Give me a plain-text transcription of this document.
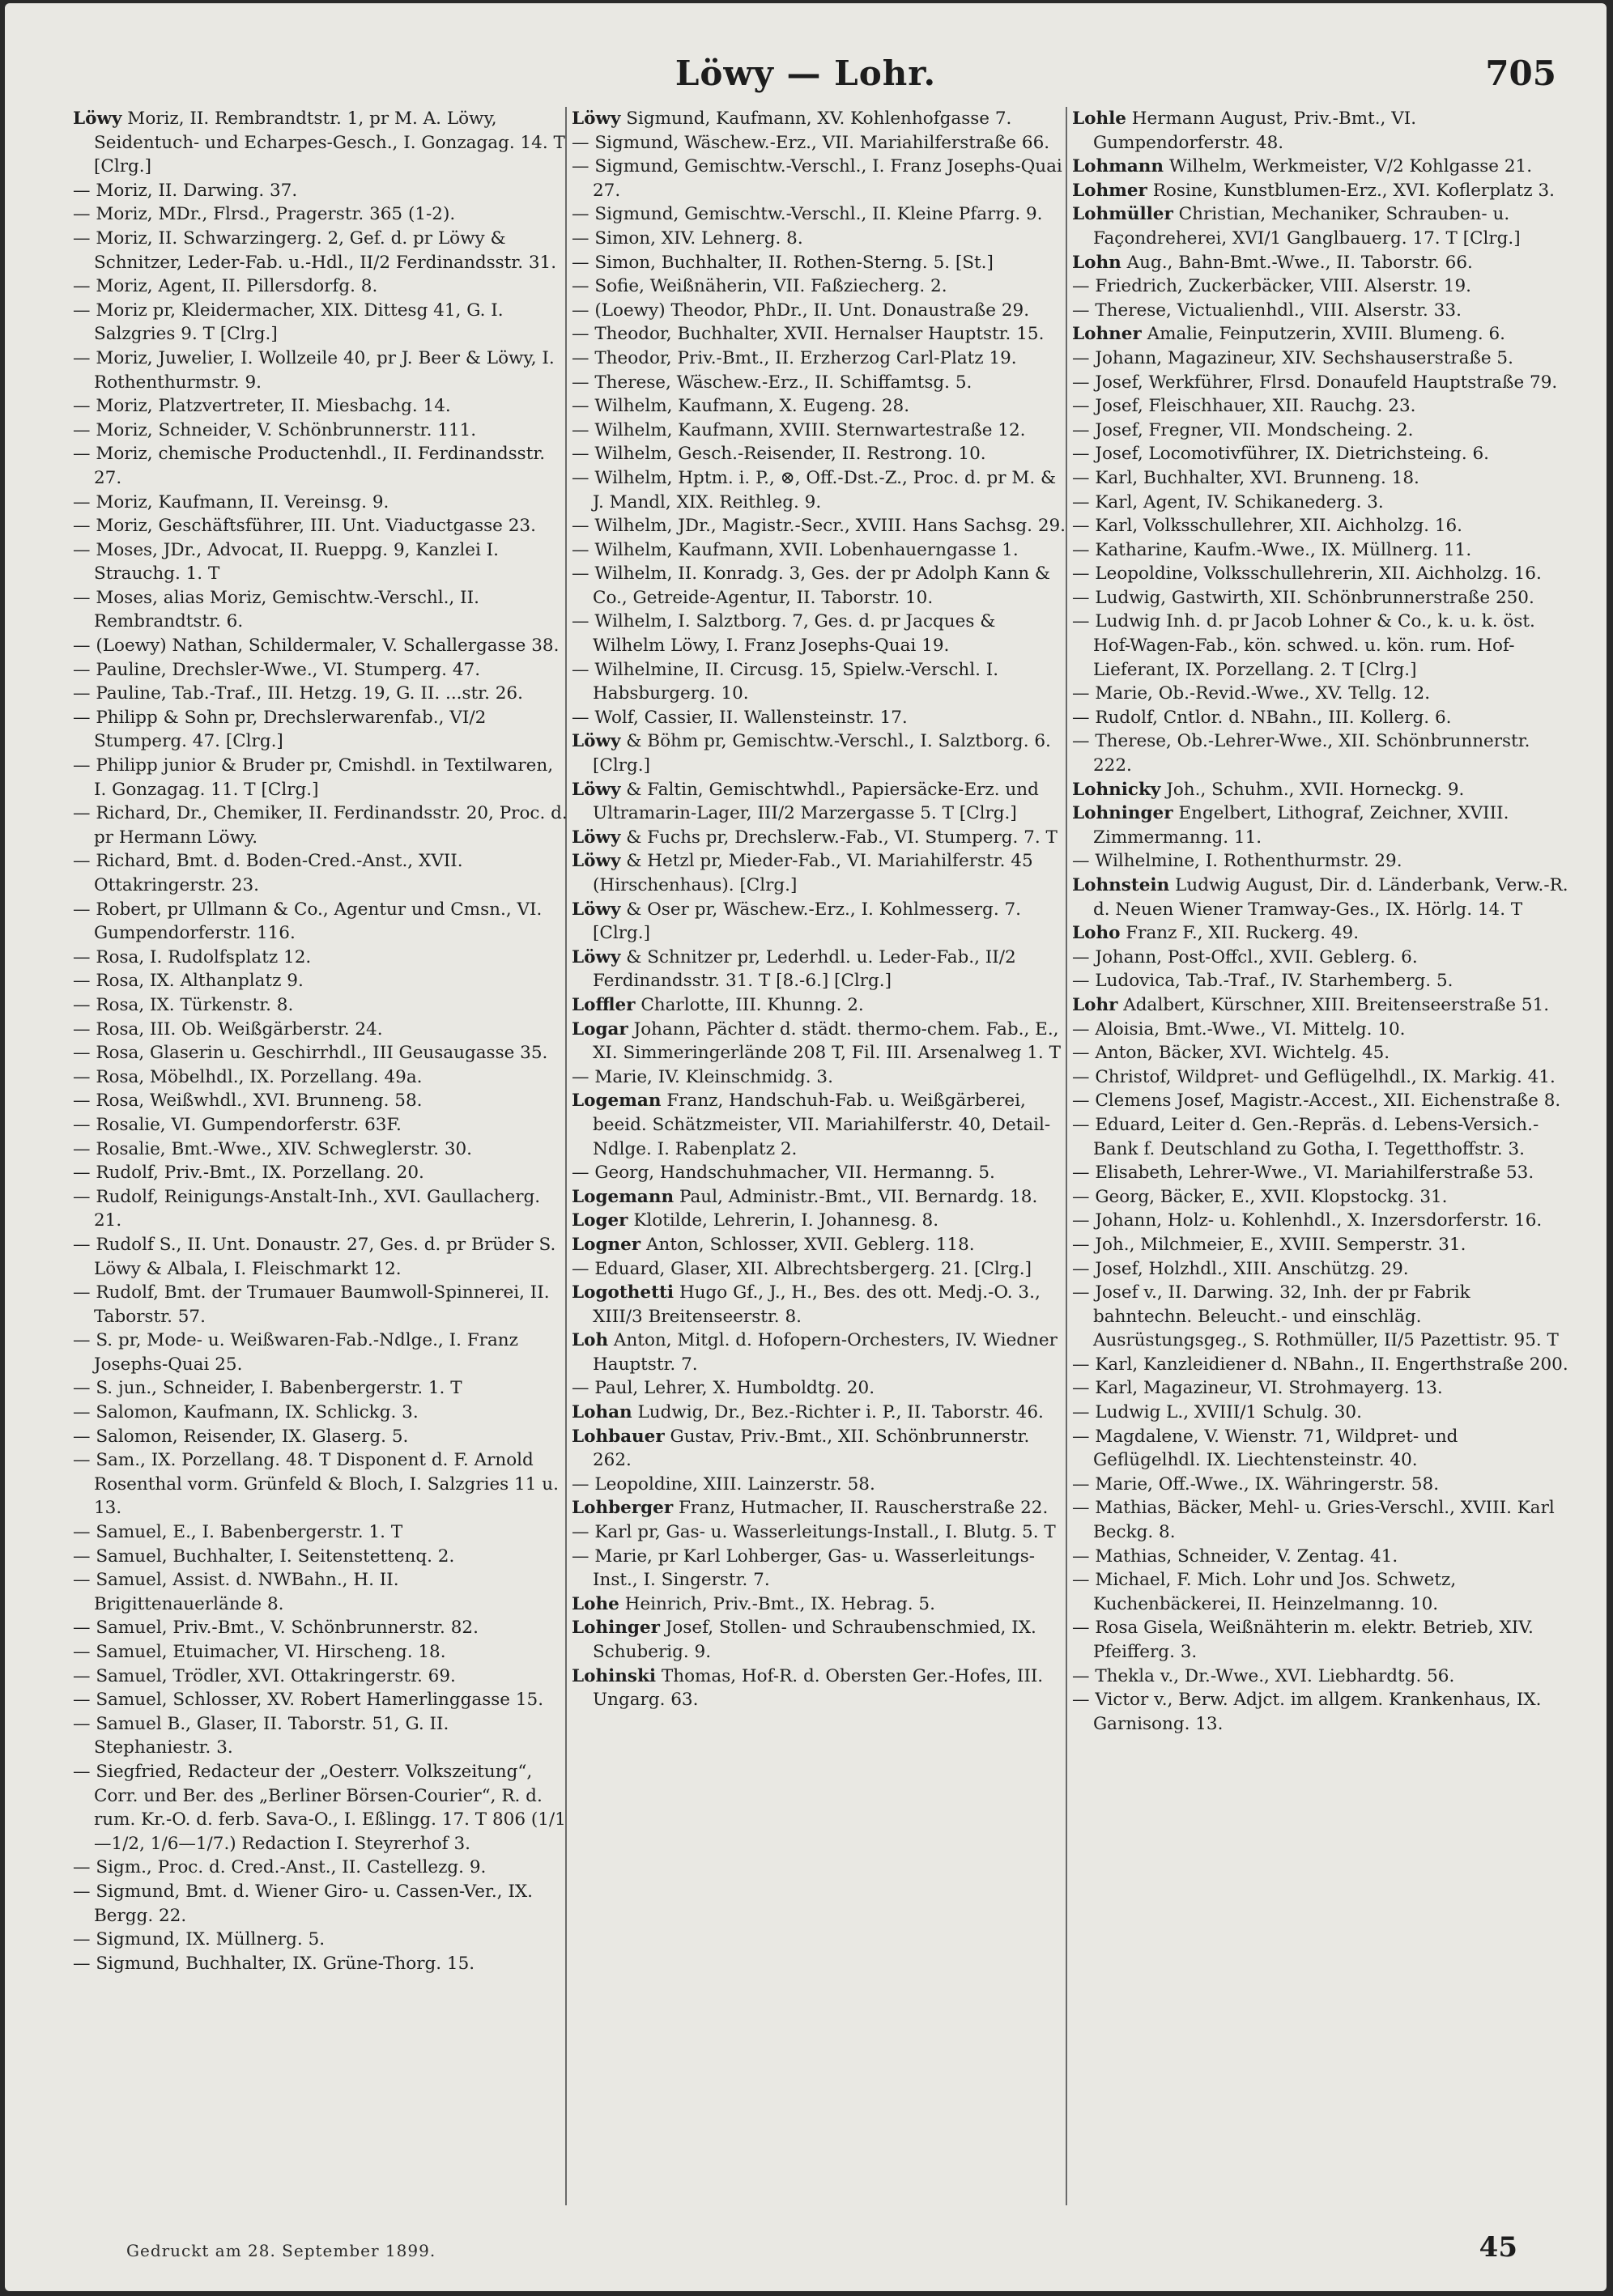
Löwy — Lohr.	705
Löwy Moriz, II. Rembrandtstr. 1, pr M. A. Löwy, Seidentuch- und Echarpes-Gesch., I. Gonzagag. 14. T [Clrg.]
— Moriz, II. Darwing. 37.
— Moriz, MDr., Flrsd., Pragerstr. 365 (1-2).
— Moriz, II. Schwarzingerg. 2, Gef. d. pr Löwy & Schnitzer, Leder-Fab. u.-Hdl., II/2 Ferdinandsstr. 31.
— Moriz, Agent, II. Pillersdorfg. 8.
— Moriz pr, Kleidermacher, XIX. Dittesg 41, G. I. Salzgries 9. T [Clrg.]
— Moriz, Juwelier, I. Wollzeile 40, pr J. Beer & Löwy, I. Rothenthurmstr. 9.
— Moriz, Platzvertreter, II. Miesbachg. 14.
— Moriz, Schneider, V. Schönbrunnerstr. 111.
— Moriz, chemische Productenhdl., II. Ferdinandsstr. 27.
— Moriz, Kaufmann, II. Vereinsg. 9.
— Moriz, Geschäftsführer, III. Unt. Viaductgasse 23.
— Moses, JDr., Advocat, II. Rueppg. 9, Kanzlei I. Strauchg. 1. T
— Moses, alias Moriz, Gemischtw.-Verschl., II. Rembrandtstr. 6.
— (Loewy) Nathan, Schildermaler, V. Schallergasse 38.
— Pauline, Drechsler-Wwe., VI. Stumperg. 47.
— Pauline, Tab.-Traf., III. Hetzg. 19, G. II. ...str. 26.
— Philipp & Sohn pr, Drechslerwarenfab., VI/2 Stumperg. 47. [Clrg.]
— Philipp junior & Bruder pr, Cmishdl. in Textilwaren, I. Gonzagag. 11. T [Clrg.]
— Richard, Dr., Chemiker, II. Ferdinandsstr. 20, Proc. d. pr Hermann Löwy.
— Richard, Bmt. d. Boden-Cred.-Anst., XVII. Ottakringerstr. 23.
— Robert, pr Ullmann & Co., Agentur und Cmsn., VI. Gumpendorferstr. 116.
— Rosa, I. Rudolfsplatz 12.
— Rosa, IX. Althanplatz 9.
— Rosa, IX. Türkenstr. 8.
— Rosa, III. Ob. Weißgärberstr. 24.
— Rosa, Glaserin u. Geschirrhdl., III Geusaugasse 35.
— Rosa, Möbelhdl., IX. Porzellang. 49a.
— Rosa, Weißwhdl., XVI. Brunneng. 58.
— Rosalie, VI. Gumpendorferstr. 63F.
— Rosalie, Bmt.-Wwe., XIV. Schweglerstr. 30.
— Rudolf, Priv.-Bmt., IX. Porzellang. 20.
— Rudolf, Reinigungs-Anstalt-Inh., XVI. Gaullacherg. 21.
— Rudolf S., II. Unt. Donaustr. 27, Ges. d. pr Brüder S. Löwy & Albala, I. Fleischmarkt 12.
— Rudolf, Bmt. der Trumauer Baumwoll-Spinnerei, II. Taborstr. 57.
— S. pr, Mode- u. Weißwaren-Fab.-Ndlge., I. Franz Josephs-Quai 25.
— S. jun., Schneider, I. Babenbergerstr. 1. T
— Salomon, Kaufmann, IX. Schlickg. 3.
— Salomon, Reisender, IX. Glaserg. 5.
— Sam., IX. Porzellang. 48. T Disponent d. F. Arnold Rosenthal vorm. Grünfeld & Bloch, I. Salzgries 11 u. 13.
— Samuel, E., I. Babenbergerstr. 1. T
— Samuel, Buchhalter, I. Seitenstettenq. 2.
— Samuel, Assist. d. NWBahn., H. II. Brigittenauerlände 8.
— Samuel, Priv.-Bmt., V. Schönbrunnerstr. 82.
— Samuel, Etuimacher, VI. Hirscheng. 18.
— Samuel, Trödler, XVI. Ottakringerstr. 69.
— Samuel, Schlosser, XV. Robert Hamerlinggasse 15.
— Samuel B., Glaser, II. Taborstr. 51, G. II. Stephaniestr. 3.
— Siegfried, Redacteur der „Oesterr. Volkszeitung“, Corr. und Ber. des „Berliner Börsen-Courier“, R. d. rum. Kr.-O. d. ferb. Sava-O., I. Eßlingg. 17. T 806 (1/1—1/2, 1/6—1/7.) Redaction I. Steyrerhof 3.
— Sigm., Proc. d. Cred.-Anst., II. Castellezg. 9.
— Sigmund, Bmt. d. Wiener Giro- u. Cassen-Ver., IX. Bergg. 22.
— Sigmund, IX. Müllnerg. 5.
— Sigmund, Buchhalter, IX. Grüne-Thorg. 15.
Löwy Sigmund, Kaufmann, XV. Kohlenhofgasse 7.
— Sigmund, Wäschew.-Erz., VII. Mariahilferstraße 66.
— Sigmund, Gemischtw.-Verschl., I. Franz Josephs-Quai 27.
— Sigmund, Gemischtw.-Verschl., II. Kleine Pfarrg. 9.
— Simon, XIV. Lehnerg. 8.
— Simon, Buchhalter, II. Rothen-Sterng. 5. [St.]
— Sofie, Weißnäherin, VII. Faßziecherg. 2.
— (Loewy) Theodor, PhDr., II. Unt. Donaustraße 29.
— Theodor, Buchhalter, XVII. Hernalser Hauptstr. 15.
— Theodor, Priv.-Bmt., II. Erzherzog Carl-Platz 19.
— Therese, Wäschew.-Erz., II. Schiffamtsg. 5.
— Wilhelm, Kaufmann, X. Eugeng. 28.
— Wilhelm, Kaufmann, XVIII. Sternwartestraße 12.
— Wilhelm, Gesch.-Reisender, II. Restrong. 10.
— Wilhelm, Hptm. i. P., ⊗, Off.-Dst.-Z., Proc. d. pr M. & J. Mandl, XIX. Reithleg. 9.
— Wilhelm, JDr., Magistr.-Secr., XVIII. Hans Sachsg. 29.
— Wilhelm, Kaufmann, XVII. Lobenhauerngasse 1.
— Wilhelm, II. Konradg. 3, Ges. der pr Adolph Kann & Co., Getreide-Agentur, II. Taborstr. 10.
— Wilhelm, I. Salztborg. 7, Ges. d. pr Jacques & Wilhelm Löwy, I. Franz Josephs-Quai 19.
— Wilhelmine, II. Circusg. 15, Spielw.-Verschl. I. Habsburgerg. 10.
— Wolf, Cassier, II. Wallensteinstr. 17.
Löwy & Böhm pr, Gemischtw.-Verschl., I. Salztborg. 6. [Clrg.]
Löwy & Faltin, Gemischtwhdl., Papiersäcke-Erz. und Ultramarin-Lager, III/2 Marzergasse 5. T [Clrg.]
Löwy & Fuchs pr, Drechslerw.-Fab., VI. Stumperg. 7. T
Löwy & Hetzl pr, Mieder-Fab., VI. Mariahilferstr. 45 (Hirschenhaus). [Clrg.]
Löwy & Oser pr, Wäschew.-Erz., I. Kohlmesserg. 7. [Clrg.]
Löwy & Schnitzer pr, Lederhdl. u. Leder-Fab., II/2 Ferdinandsstr. 31. T [8.-6.] [Clrg.]
Loffler Charlotte, III. Khunng. 2.
Logar Johann, Pächter d. städt. thermo-chem. Fab., E., XI. Simmeringerlände 208 T, Fil. III. Arsenalweg 1. T
— Marie, IV. Kleinschmidg. 3.
Logeman Franz, Handschuh-Fab. u. Weißgärberei, beeid. Schätzmeister, VII. Mariahilferstr. 40, Detail-Ndlge. I. Rabenplatz 2.
— Georg, Handschuhmacher, VII. Hermanng. 5.
Logemann Paul, Administr.-Bmt., VII. Bernardg. 18.
Loger Klotilde, Lehrerin, I. Johannesg. 8.
Logner Anton, Schlosser, XVII. Geblerg. 118.
— Eduard, Glaser, XII. Albrechtsbergerg. 21. [Clrg.]
Logothetti Hugo Gf., J., H., Bes. des ott. Medj.-O. 3., XIII/3 Breitenseerstr. 8.
Loh Anton, Mitgl. d. Hofopern-Orchesters, IV. Wiedner Hauptstr. 7.
— Paul, Lehrer, X. Humboldtg. 20.
Lohan Ludwig, Dr., Bez.-Richter i. P., II. Taborstr. 46.
Lohbauer Gustav, Priv.-Bmt., XII. Schönbrunnerstr. 262.
— Leopoldine, XIII. Lainzerstr. 58.
Lohberger Franz, Hutmacher, II. Rauscherstraße 22.
— Karl pr, Gas- u. Wasserleitungs-Install., I. Blutg. 5. T
— Marie, pr Karl Lohberger, Gas- u. Wasserleitungs-Inst., I. Singerstr. 7.
Lohe Heinrich, Priv.-Bmt., IX. Hebrag. 5.
Lohinger Josef, Stollen- und Schraubenschmied, IX. Schuberig. 9.
Lohinski Thomas, Hof-R. d. Obersten Ger.-Hofes, III. Ungarg. 63.
Lohle Hermann August, Priv.-Bmt., VI. Gumpendorferstr. 48.
Lohmann Wilhelm, Werkmeister, V/2 Kohlgasse 21.
Lohmer Rosine, Kunstblumen-Erz., XVI. Koflerplatz 3.
Lohmüller Christian, Mechaniker, Schrauben- u. Façondreherei, XVI/1 Ganglbauerg. 17. T [Clrg.]
Lohn Aug., Bahn-Bmt.-Wwe., II. Taborstr. 66.
— Friedrich, Zuckerbäcker, VIII. Alserstr. 19.
— Therese, Victualienhdl., VIII. Alserstr. 33.
Lohner Amalie, Feinputzerin, XVIII. Blumeng. 6.
— Johann, Magazineur, XIV. Sechshauserstraße 5.
— Josef, Werkführer, Flrsd. Donaufeld Hauptstraße 79.
— Josef, Fleischhauer, XII. Rauchg. 23.
— Josef, Fregner, VII. Mondscheing. 2.
— Josef, Locomotivführer, IX. Dietrichsteing. 6.
— Karl, Buchhalter, XVI. Brunneng. 18.
— Karl, Agent, IV. Schikanederg. 3.
— Karl, Volksschullehrer, XII. Aichholzg. 16.
— Katharine, Kaufm.-Wwe., IX. Müllnerg. 11.
— Leopoldine, Volksschullehrerin, XII. Aichholzg. 16.
— Ludwig, Gastwirth, XII. Schönbrunnerstraße 250.
— Ludwig Inh. d. pr Jacob Lohner & Co., k. u. k. öst. Hof-Wagen-Fab., kön. schwed. u. kön. rum. Hof-Lieferant, IX. Porzellang. 2. T [Clrg.]
— Marie, Ob.-Revid.-Wwe., XV. Tellg. 12.
— Rudolf, Cntlor. d. NBahn., III. Kollerg. 6.
— Therese, Ob.-Lehrer-Wwe., XII. Schönbrunnerstr. 222.
Lohnicky Joh., Schuhm., XVII. Horneckg. 9.
Lohninger Engelbert, Lithograf, Zeichner, XVIII. Zimmermanng. 11.
— Wilhelmine, I. Rothenthurmstr. 29.
Lohnstein Ludwig August, Dir. d. Länderbank, Verw.-R. d. Neuen Wiener Tramway-Ges., IX. Hörlg. 14. T
Loho Franz F., XII. Ruckerg. 49.
— Johann, Post-Offcl., XVII. Geblerg. 6.
— Ludovica, Tab.-Traf., IV. Starhemberg. 5.
Lohr Adalbert, Kürschner, XIII. Breitenseerstraße 51.
— Aloisia, Bmt.-Wwe., VI. Mittelg. 10.
— Anton, Bäcker, XVI. Wichtelg. 45.
— Christof, Wildpret- und Geflügelhdl., IX. Markig. 41.
— Clemens Josef, Magistr.-Accest., XII. Eichenstraße 8.
— Eduard, Leiter d. Gen.-Repräs. d. Lebens-Versich.-Bank f. Deutschland zu Gotha, I. Tegetthoffstr. 3.
— Elisabeth, Lehrer-Wwe., VI. Mariahilferstraße 53.
— Georg, Bäcker, E., XVII. Klopstockg. 31.
— Johann, Holz- u. Kohlenhdl., X. Inzersdorferstr. 16.
— Joh., Milchmeier, E., XVIII. Semperstr. 31.
— Josef, Holzhdl., XIII. Anschützg. 29.
— Josef v., II. Darwing. 32, Inh. der pr Fabrik bahntechn. Beleucht.- und einschläg. Ausrüstungsgeg., S. Rothmüller, II/5 Pazettistr. 95. T
— Karl, Kanzleidiener d. NBahn., II. Engerthstraße 200.
— Karl, Magazineur, VI. Strohmayerg. 13.
— Ludwig L., XVIII/1 Schulg. 30.
— Magdalene, V. Wienstr. 71, Wildpret- und Geflügelhdl. IX. Liechtensteinstr. 40.
— Marie, Off.-Wwe., IX. Währingerstr. 58.
— Mathias, Bäcker, Mehl- u. Gries-Verschl., XVIII. Karl Beckg. 8.
— Mathias, Schneider, V. Zentag. 41.
— Michael, F. Mich. Lohr und Jos. Schwetz, Kuchenbäckerei, II. Heinzelmanng. 10.
— Rosa Gisela, Weißnähterin m. elektr. Betrieb, XIV. Pfeifferg. 3.
— Thekla v., Dr.-Wwe., XVI. Liebhardtg. 56.
— Victor v., Berw. Adjct. im allgem. Krankenhaus, IX. Garnisong. 13.
Gedruckt am 28. September 1899.	45
